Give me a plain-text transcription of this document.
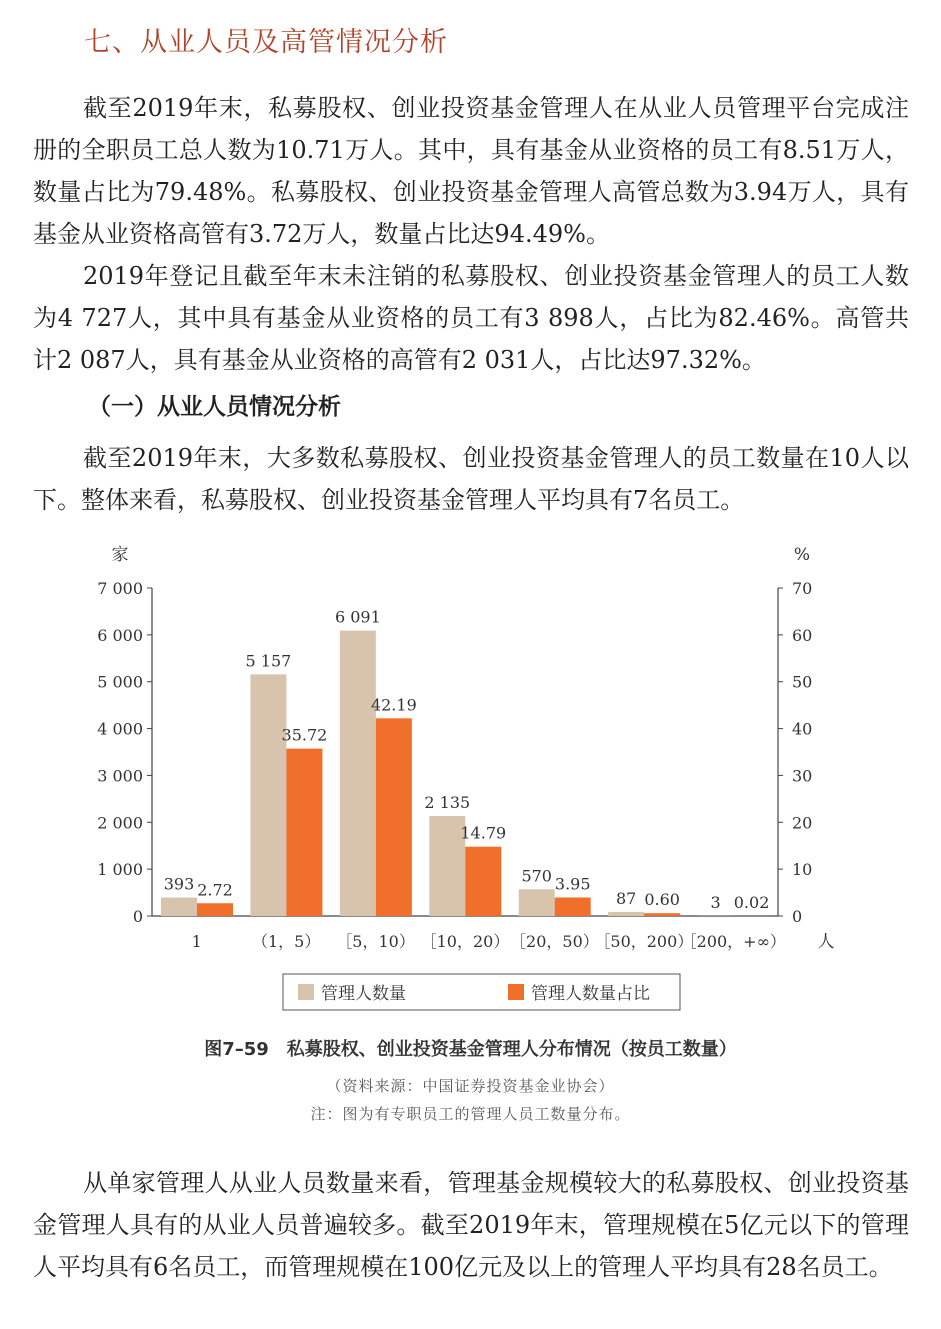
七、从业人员及高管情况分析

截至2019年末，私募股权、创业投资基金管理人在从业人员管理平台完成注册的全职员工总人数为10.71万人。其中，具有基金从业资格的员工有8.51万人，数量占比为79.48%。私募股权、创业投资基金管理人高管总数为3.94万人，具有基金从业资格高管有3.72万人，数量占比达94.49%。

2019年登记且截至年末未注销的私募股权、创业投资基金管理人的员工人数为4 727人，其中具有基金从业资格的员工有3 898人，占比为82.46%。高管共计2 087人，具有基金从业资格的高管有2 031人，占比达97.32%。

（一）从业人员情况分析

截至2019年末，大多数私募股权、创业投资基金管理人的员工数量在10人以下。整体来看，私募股权、创业投资基金管理人平均具有7名员工。

家	%
0	0
1 000	10
2 000	20
3 000	30
4 000	40
5 000	50
6 000	60
7 000	70
393 2.72
1
5 157
35.72
（1，5）
6 091
42.19
［5，10）
2 135
14.79
［10，20）
570 3.95
［20，50）
87 0.60
［50，200）
3 0.02
［200，+∞） 人
管理人数量	管理人数量占比

图7–59　私募股权、创业投资基金管理人分布情况（按员工数量）

（资料来源：中国证券投资基金业协会）

注：图为有专职员工的管理人员工数量分布。

从单家管理人从业人员数量来看，管理基金规模较大的私募股权、创业投资基金管理人具有的从业人员普遍较多。截至2019年末，管理规模在5亿元以下的管理人平均具有6名员工，而管理规模在100亿元及以上的管理人平均具有28名员工。
